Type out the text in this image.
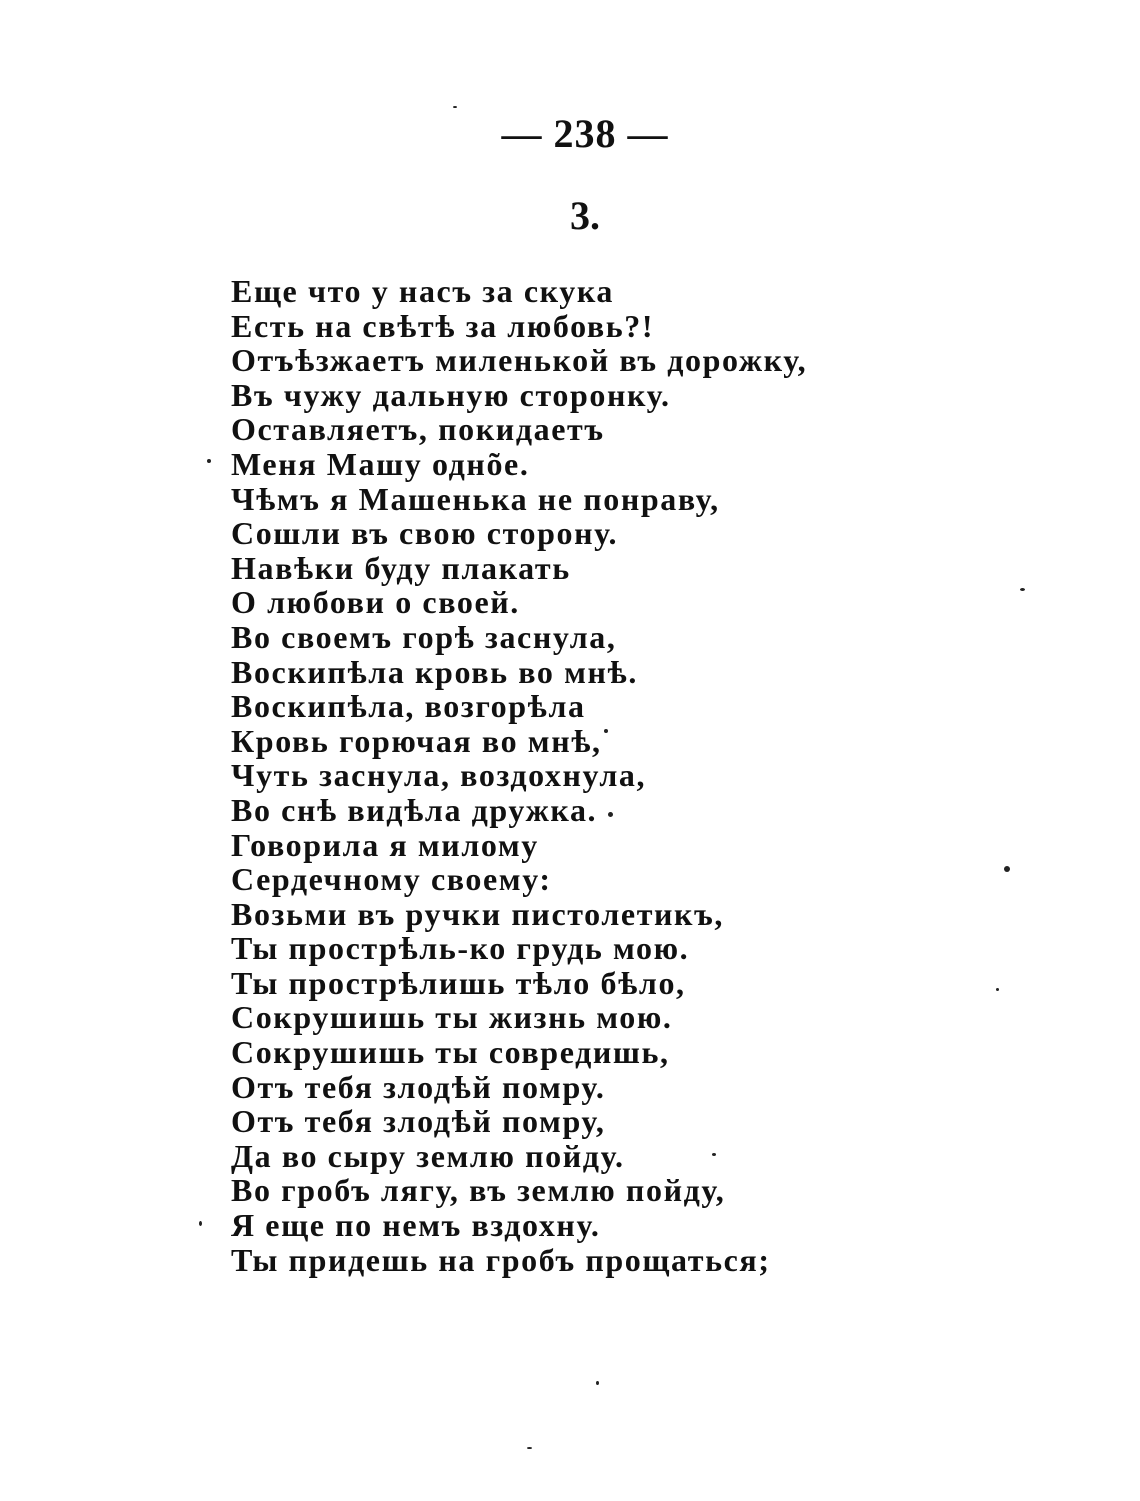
— 238 —
3.
Еще что у насъ за скука
Есть на свѣтѣ за любовь?!
Отъѣзжаетъ миленькой въ дорожку,
Въ чужу дальную сторонку.
Оставляетъ, покидаетъ
Меня Машу однõе.
Чѣмъ я Машенька не понраву,
Сошли въ свою сторону.
Навѣки буду плакать
О любови о своей.
Во своемъ горѣ заснула,
Воскипѣла кровь во мнѣ.
Воскипѣла, возгорѣла
Кровь горючая во мнѣ,
Чуть заснула, воздохнула,
Во снѣ видѣла дружка.
Говорила я милому
Сердечному своему:
Возьми въ ручки пистолетикъ,
Ты прострѣль-ко грудь мою.
Ты прострѣлишь тѣло бѣло,
Сокрушишь ты жизнь мою.
Сокрушишь ты совредишь,
Отъ тебя злодѣй помру.
Отъ тебя злодѣй помру,
Да во сыру землю пойду.
Во гробъ лягу, въ землю пойду,
Я еще по немъ вздохну.
Ты придешь на гробъ прощаться;
